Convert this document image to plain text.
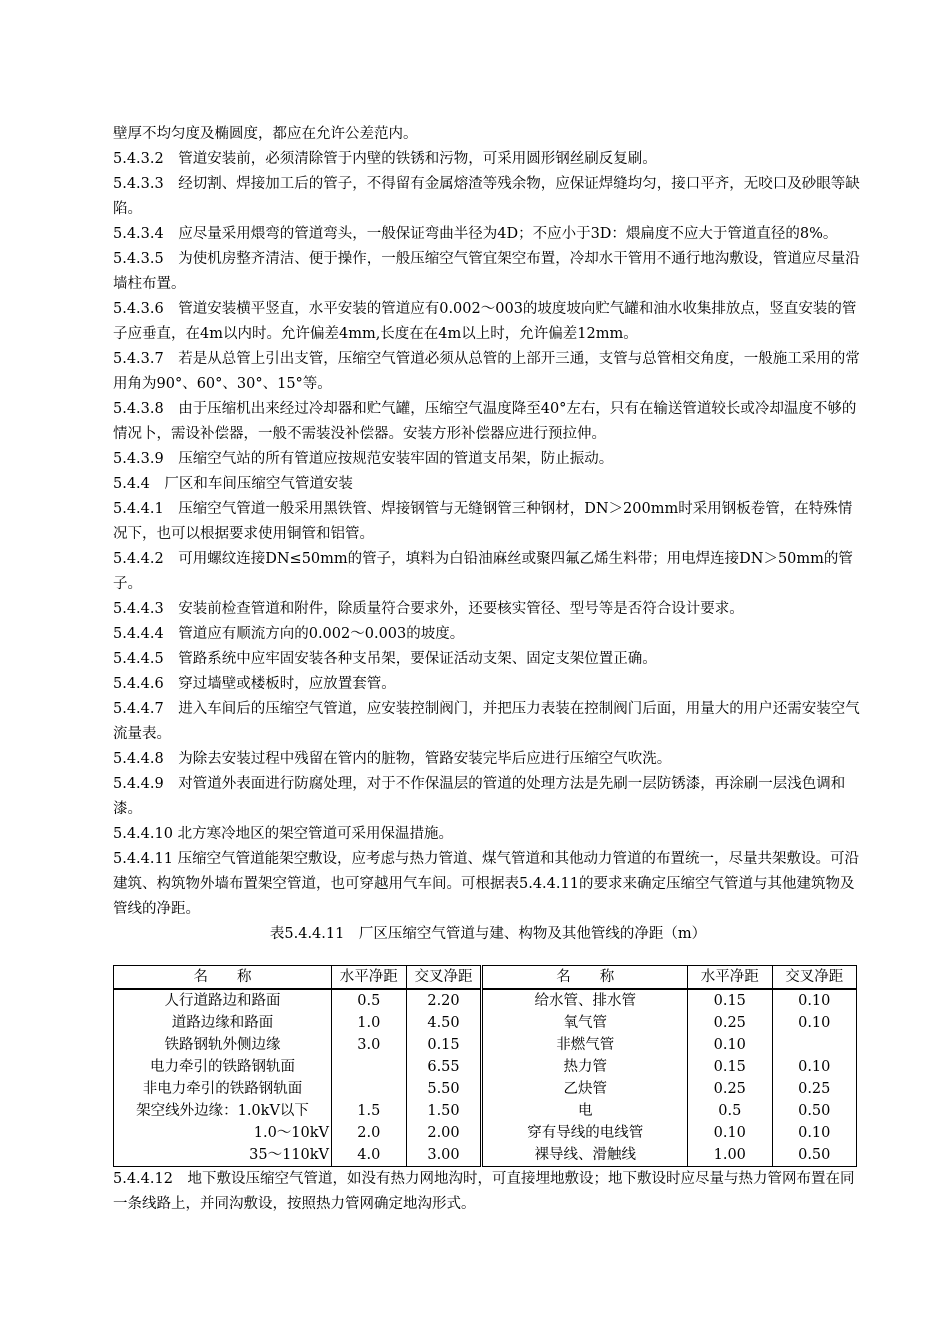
壁厚不均匀度及椭圆度，都应在允许公差范内。

5.4.3.2　管道安装前，必须清除管于内壁的铁锈和污物，可采用圆形钢丝刷反复刷。

5.4.3.3　经切割、焊接加工后的管子，不得留有金属熔渣等残余物，应保证焊缝均匀，接口平齐，无咬口及砂眼等缺陷。

5.4.3.4　应尽量采用煨弯的管道弯头，一般保证弯曲半径为4D；不应小于3D：煨扁度不应大于管道直径的8%。

5.4.3.5　为使机房整齐清洁、便于操作，一般压缩空气管宜架空布置，冷却水干管用不通行地沟敷设，管道应尽量沿墙柱布置。

5.4.3.6　管道安装横平竖直，水平安装的管道应有0.002～003的坡度坡向贮气罐和油水收集排放点，竖直安装的管子应垂直，在4m以内时。允许偏差4mm,长度在在4m以上时，允许偏差12mm。

5.4.3.7　若是从总管上引出支管，压缩空气管道必须从总管的上部开三通，支管与总管相交角度，一般施工采用的常用角为90°、60°、30°、15°等。

5.4.3.8　由于压缩机出来经过冷却器和贮气罐，压缩空气温度降至40°左右，只有在输送管道较长或冷却温度不够的情况卜，需设补偿器，一般不需装没补偿器。安装方形补偿器应进行预拉伸。

5.4.3.9　压缩空气站的所有管道应按规范安装牢固的管道支吊架，防止振动。

5.4.4　厂区和车间压缩空气管道安装

5.4.4.1　压缩空气管道一般采用黑铁管、焊接钢管与无缝钢管三种钢材，DN＞200mm时采用钢板卷管，在特殊情况下，也可以根据要求使用铜管和铝管。

5.4.4.2　可用螺纹连接DN≤50mm的管子，填料为白铅油麻丝或聚四氟乙烯生料带；用电焊连接DN＞50mm的管子。

5.4.4.3　安装前检查管道和附件，除质量符合要求外，还要核实管径、型号等是否符合设计要求。

5.4.4.4　管道应有顺流方向的0.002～0.003的坡度。

5.4.4.5　管路系统中应牢固安装各种支吊架，要保证活动支架、固定支架位置正确。

5.4.4.6　穿过墙壁或楼板时，应放置套管。

5.4.4.7　进入车间后的压缩空气管道，应安装控制阀门，并把压力表装在控制阀门后面，用量大的用户还需安装空气流量表。

5.4.4.8　为除去安装过程中残留在管内的脏物，管路安装完毕后应进行压缩空气吹洗。

5.4.4.9　对管道外表面进行防腐处理，对于不作保温层的管道的处理方法是先刷一层防锈漆，再涂刷一层浅色调和漆。

5.4.4.10 北方寒冷地区的架空管道可采用保温措施。

5.4.4.11 压缩空气管道能架空敷设，应考虑与热力管道、煤气管道和其他动力管道的布置统一，尽量共架敷设。可沿建筑、构筑物外墙布置架空管道，也可穿越用气车间。可根据表5.4.4.11的要求来确定压缩空气管道与其他建筑物及管线的净距。

表5.4.4.11　厂区压缩空气管道与建、构物及其他管线的净距（m）

名　　称	水平净距	交叉净距	名　　称	水平净距	交叉净距
人行道路边和路面	0.5	2.20	给水管、排水管	0.15	0.10
道路边缘和路面	1.0	4.50	氧气管	0.25	0.10
铁路钢轨外侧边缘	3.0	0.15	非燃气管	0.10	
电力牵引的铁路钢轨面		6.55	热力管	0.15	0.10
非电力牵引的铁路钢轨面		5.50	乙炔管	0.25	0.25
架空线外边缘：1.0kV以下	1.5	1.50	电	0.5	0.50
1.0～10kV	2.0	2.00	穿有导线的电线管	0.10	0.10
35～110kV	4.0	3.00	裸导线、滑触线	1.00	0.50

5.4.4.12　地下敷设压缩空气管道，如没有热力网地沟时，可直接埋地敷设；地下敷设时应尽量与热力管网布置在同一条线路上，并同沟敷设，按照热力管网确定地沟形式。
